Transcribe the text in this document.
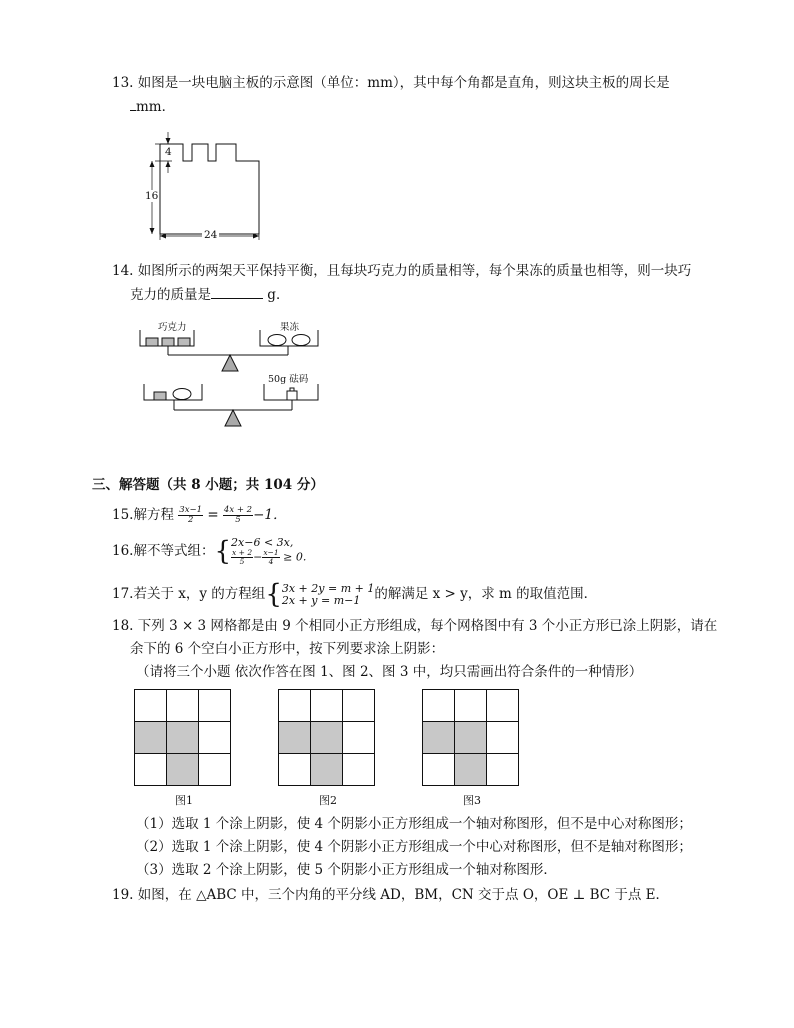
13. 如图是一块电脑主板的示意图（单位：mm），其中每个角都是直角，则这块主板的周长是
mm．
4
16
24
14. 如图所示的两架天平保持平衡，且每块巧克力的质量相等，每个果冻的质量也相等，则一块巧
克力的质量是	g．
巧克力	果冻
50g 砝码
三、解答题（共 8 小题；共 104 分）
15.解方程 $\frac{3x-1}{2} = \frac{4x + 2}{5} -1$．
16.解不等式组：{ 2x−6 < 3x,
$\frac{x + 2}{5} - \frac{x-1}{4} \ge 0$.
17.若关于 x，y 的方程组{ 3x + 2y = m + 1
2x + y = m−1	的解满足 x > y，求 m 的取值范围．
18. 下列 3 × 3 网格都是由 9 个相同小正方形组成，每个网格图中有 3 个小正方形已涂上阴影，请在
余下的 6 个空白小正方形中，按下列要求涂上阴影：
（请将三个小题 依次作答在图 1、图 2、图 3 中，均只需画出符合条件的一种情形）
图1	图2	图3
（1）选取 1 个涂上阴影，使 4 个阴影小正方形组成一个轴对称图形，但不是中心对称图形；
（2）选取 1 个涂上阴影，使 4 个阴影小正方形组成一个中心对称图形，但不是轴对称图形；
（3）选取 2 个涂上阴影，使 5 个阴影小正方形组成一个轴对称图形．
19. 如图，在 △ABC 中，三个内角的平分线 AD，BM，CN 交于点 O，OE ⊥ BC 于点 E．
